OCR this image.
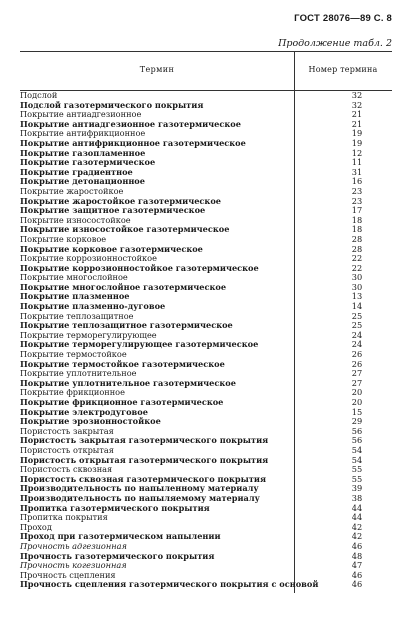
ГОСТ 28076—89 С. 8
Продолжение табл. 2
Термин	Номер термина
Подслой	32
Подслой газотермического покрытия	32
Покрытие антиадгезионное	21
Покрытие антиадгезионное газотермическое	21
Покрытие антифрикционное	19
Покрытие антифрикционное газотермическое	19
Покрытие газопламенное	12
Покрытие газотермическое	11
Покрытие градиентное	31
Покрытие детонационное	16
Покрытие жаростойкое	23
Покрытие жаростойкое газотермическое	23
Покрытие защитное газотермическое	17
Покрытие износостойкое	18
Покрытие износостойкое газотермическое	18
Покрытие корковое	28
Покрытие корковое газотермическое	28
Покрытие коррозионностойкое	22
Покрытие коррозионностойкое газотермическое	22
Покрытие многослойное	30
Покрытие многослойное газотермическое	30
Покрытие плазменное	13
Покрытие плазменно-дуговое	14
Покрытие теплозащитное	25
Покрытие теплозащитное газотермическое	25
Покрытие терморегулирующее	24
Покрытие терморегулирующее газотермическое	24
Покрытие термостойкое	26
Покрытие термостойкое газотермическое	26
Покрытие уплотнительное	27
Покрытие уплотнительное газотермическое	27
Покрытие фрикционное	20
Покрытие фрикционное газотермическое	20
Покрытие электродуговое	15
Покрытие эрозионностойкое	29
Пористость закрытая	56
Пористость закрытая газотермического покрытия	56
Пористость открытая	54
Пористость открытая газотермического покрытия	54
Пористость сквозная	55
Пористость сквозная газотермического покрытия	55
Производительность по напыленному материалу	39
Производительность по напыляемому материалу	38
Пропитка газотермического покрытия	44
Пропитка покрытия	44
Проход	42
Проход при газотермическом напылении	42
Прочность адгезионная	46
Прочность газотермического покрытия	48
Прочность когезионная	47
Прочность сцепления	46
Прочность сцепления газотермического покрытия с основой	46
